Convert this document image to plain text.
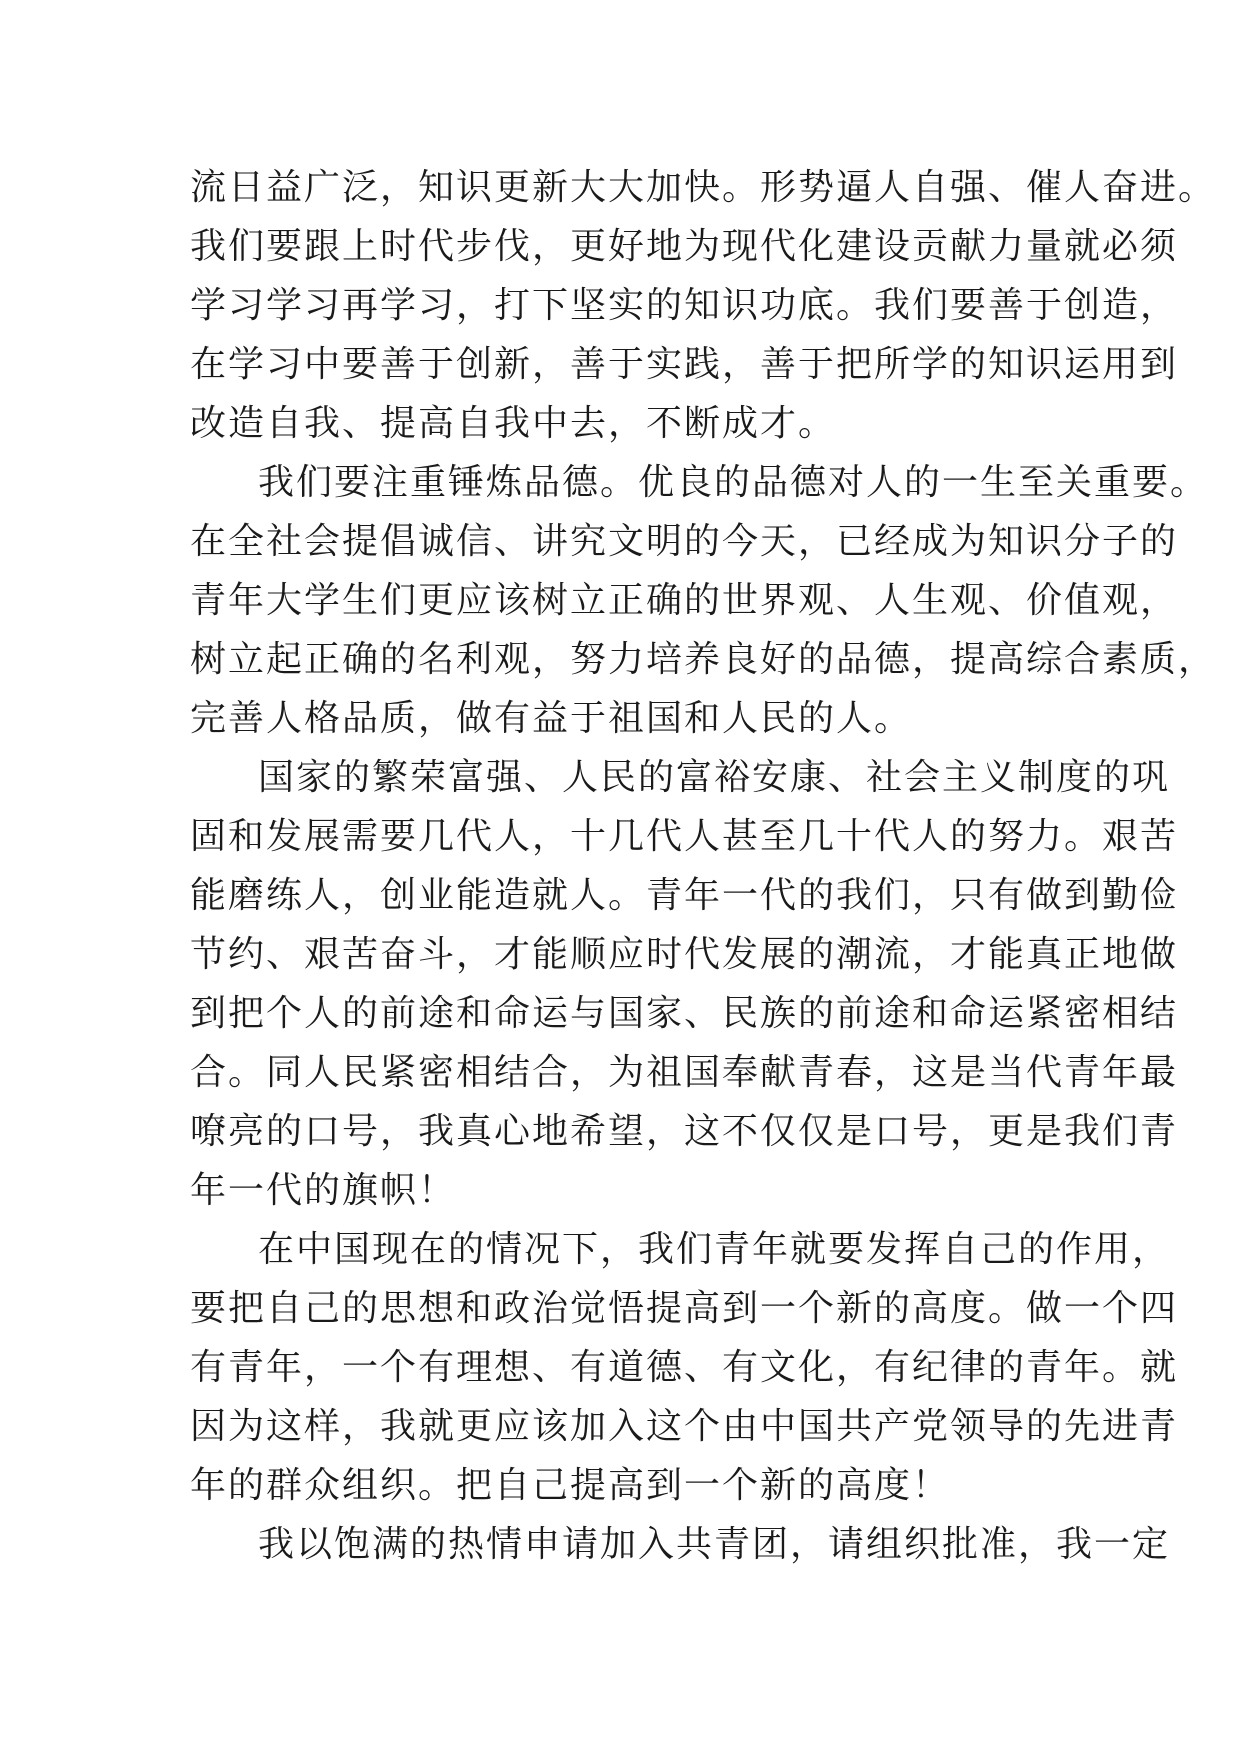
流日益广泛，知识更新大大加快。形势逼人自强、催人奋进。
我们要跟上时代步伐，更好地为现代化建设贡献力量就必须
学习学习再学习，打下坚实的知识功底。我们要善于创造，
在学习中要善于创新，善于实践，善于把所学的知识运用到
改造自我、提高自我中去，不断成才。
我们要注重锤炼品德。优良的品德对人的一生至关重要。
在全社会提倡诚信、讲究文明的今天，已经成为知识分子的
青年大学生们更应该树立正确的世界观、人生观、价值观，
树立起正确的名利观，努力培养良好的品德，提高综合素质，
完善人格品质，做有益于祖国和人民的人。
国家的繁荣富强、人民的富裕安康、社会主义制度的巩
固和发展需要几代人，十几代人甚至几十代人的努力。艰苦
能磨练人，创业能造就人。青年一代的我们，只有做到勤俭
节约、艰苦奋斗，才能顺应时代发展的潮流，才能真正地做
到把个人的前途和命运与国家、民族的前途和命运紧密相结
合。同人民紧密相结合，为祖国奉献青春，这是当代青年最
嘹亮的口号，我真心地希望，这不仅仅是口号，更是我们青
年一代的旗帜！
在中国现在的情况下，我们青年就要发挥自己的作用，
要把自己的思想和政治觉悟提高到一个新的高度。做一个四
有青年，一个有理想、有道德、有文化，有纪律的青年。就
因为这样，我就更应该加入这个由中国共产党领导的先进青
年的群众组织。把自己提高到一个新的高度！
我以饱满的热情申请加入共青团，请组织批准，我一定
